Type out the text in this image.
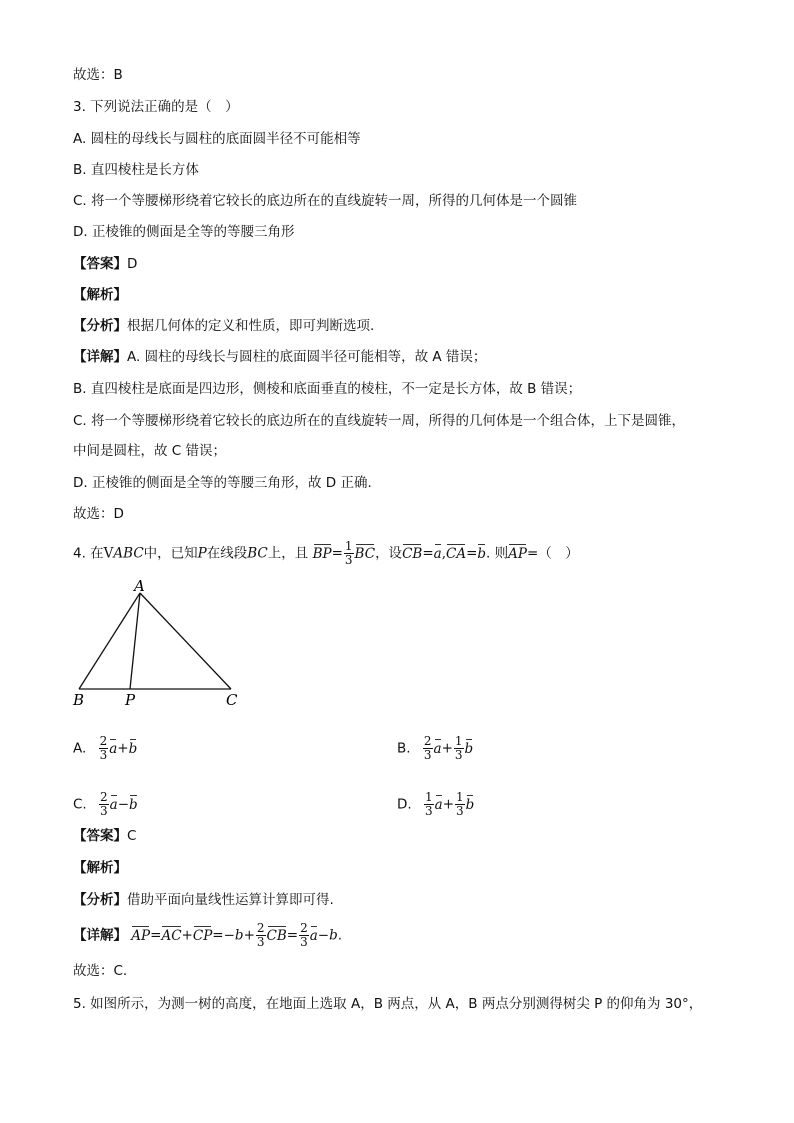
故选：B
3. 下列说法正确的是（　）
A. 圆柱的母线长与圆柱的底面圆半径不可能相等
B. 直四棱柱是长方体
C. 将一个等腰梯形绕着它较长的底边所在的直线旋转一周，所得的几何体是一个圆锥
D. 正棱锥的侧面是全等的等腰三角形
【答案】D
【解析】
【分析】根据几何体的定义和性质，即可判断选项.
【详解】A. 圆柱的母线长与圆柱的底面圆半径可能相等，故 A 错误；
B. 直四棱柱是底面是四边形，侧棱和底面垂直的棱柱，不一定是长方体，故 B 错误；
C. 将一个等腰梯形绕着它较长的底边所在的直线旋转一周，所得的几何体是一个组合体，上下是圆锥，
中间是圆柱，故 C 错误；
D. 正棱锥的侧面是全等的等腰三角形，故 D 正确.
故选：D
4. 在VABC中，已知P在线段BC上，且 $BP= \frac{1}{3}$ BC，设CB=a,CA=b. 则AP=（　）
A
B	P	C
A. $\frac{2}{3} a+b$	B. $\frac{2}{3} a+ \frac{1}{3}$ b
C. $\frac{2}{3} a-b$	D. $\frac{1}{3} a+ \frac{1}{3}$ b
【答案】C
【解析】
【分析】借助平面向量线性运算计算即可得.
【详解】 $AP=AC+CP=-b+ \frac{2}{3} CB= \frac{2}{3} a-b$.
故选：C.
5. 如图所示，为测一树的高度，在地面上选取 A，B 两点，从 A，B 两点分别测得树尖 P 的仰角为 30°，
